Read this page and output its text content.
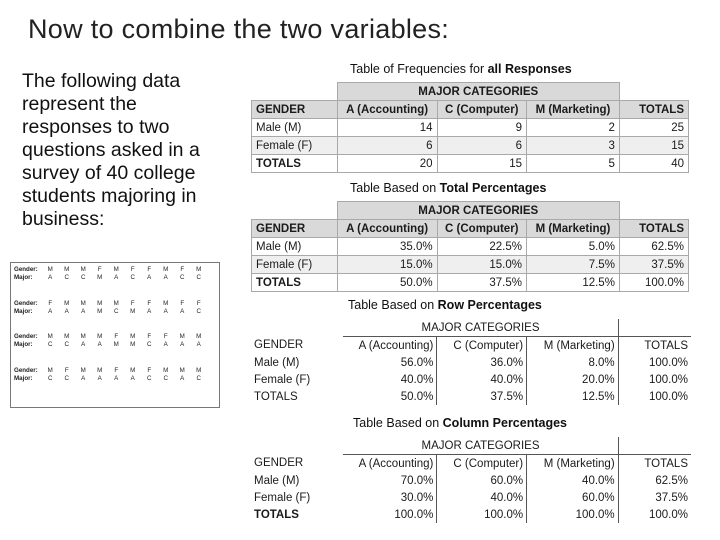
Now to combine the two variables:
The following data represent the responses to two questions asked in a survey of 40 college students majoring in business:
Gender:	M	M	M	F	M	F	F	M	F	M
Major:	A	C	C	M	A	C	A	A	C	C
Gender:	F	M	M	M	M	F	F	M	F	F
Major:	A	A	A	M	C	M	A	A	A	C
Gender:	M	M	M	M	F	M	F	F	M	M
Major:	C	C	A	A	M	M	C	A	A	A
Gender:	M	F	M	M	F	M	F	M	M	M
Major:	C	C	A	A	A	A	C	C	A	C
Table of Frequencies for all Responses
	MAJOR CATEGORIES			
GENDER	A (Accounting)	C (Computer)	M (Marketing)	TOTALS
Male (M)	14	9	2	25
Female (F)	6	6	3	15
TOTALS	20	15	5	40
Table Based on Total Percentages
	MAJOR CATEGORIES			
GENDER	A (Accounting)	C (Computer)	M (Marketing)	TOTALS
Male (M)	35.0%	22.5%	5.0%	62.5%
Female (F)	15.0%	15.0%	7.5%	37.5%
TOTALS	50.0%	37.5%	12.5%	100.0%
Table Based on Row Percentages
	MAJOR CATEGORIES			
GENDER	A (Accounting)	C (Computer)	M (Marketing)	TOTALS
Male (M)	56.0%	36.0%	8.0%	100.0%
Female (F)	40.0%	40.0%	20.0%	100.0%
TOTALS	50.0%	37.5%	12.5%	100.0%
Table Based on Column Percentages
	MAJOR CATEGORIES			
GENDER	A (Accounting)	C (Computer)	M (Marketing)	TOTALS
Male (M)	70.0%	60.0%	40.0%	62.5%
Female (F)	30.0%	40.0%	60.0%	37.5%
TOTALS	100.0%	100.0%	100.0%	100.0%
